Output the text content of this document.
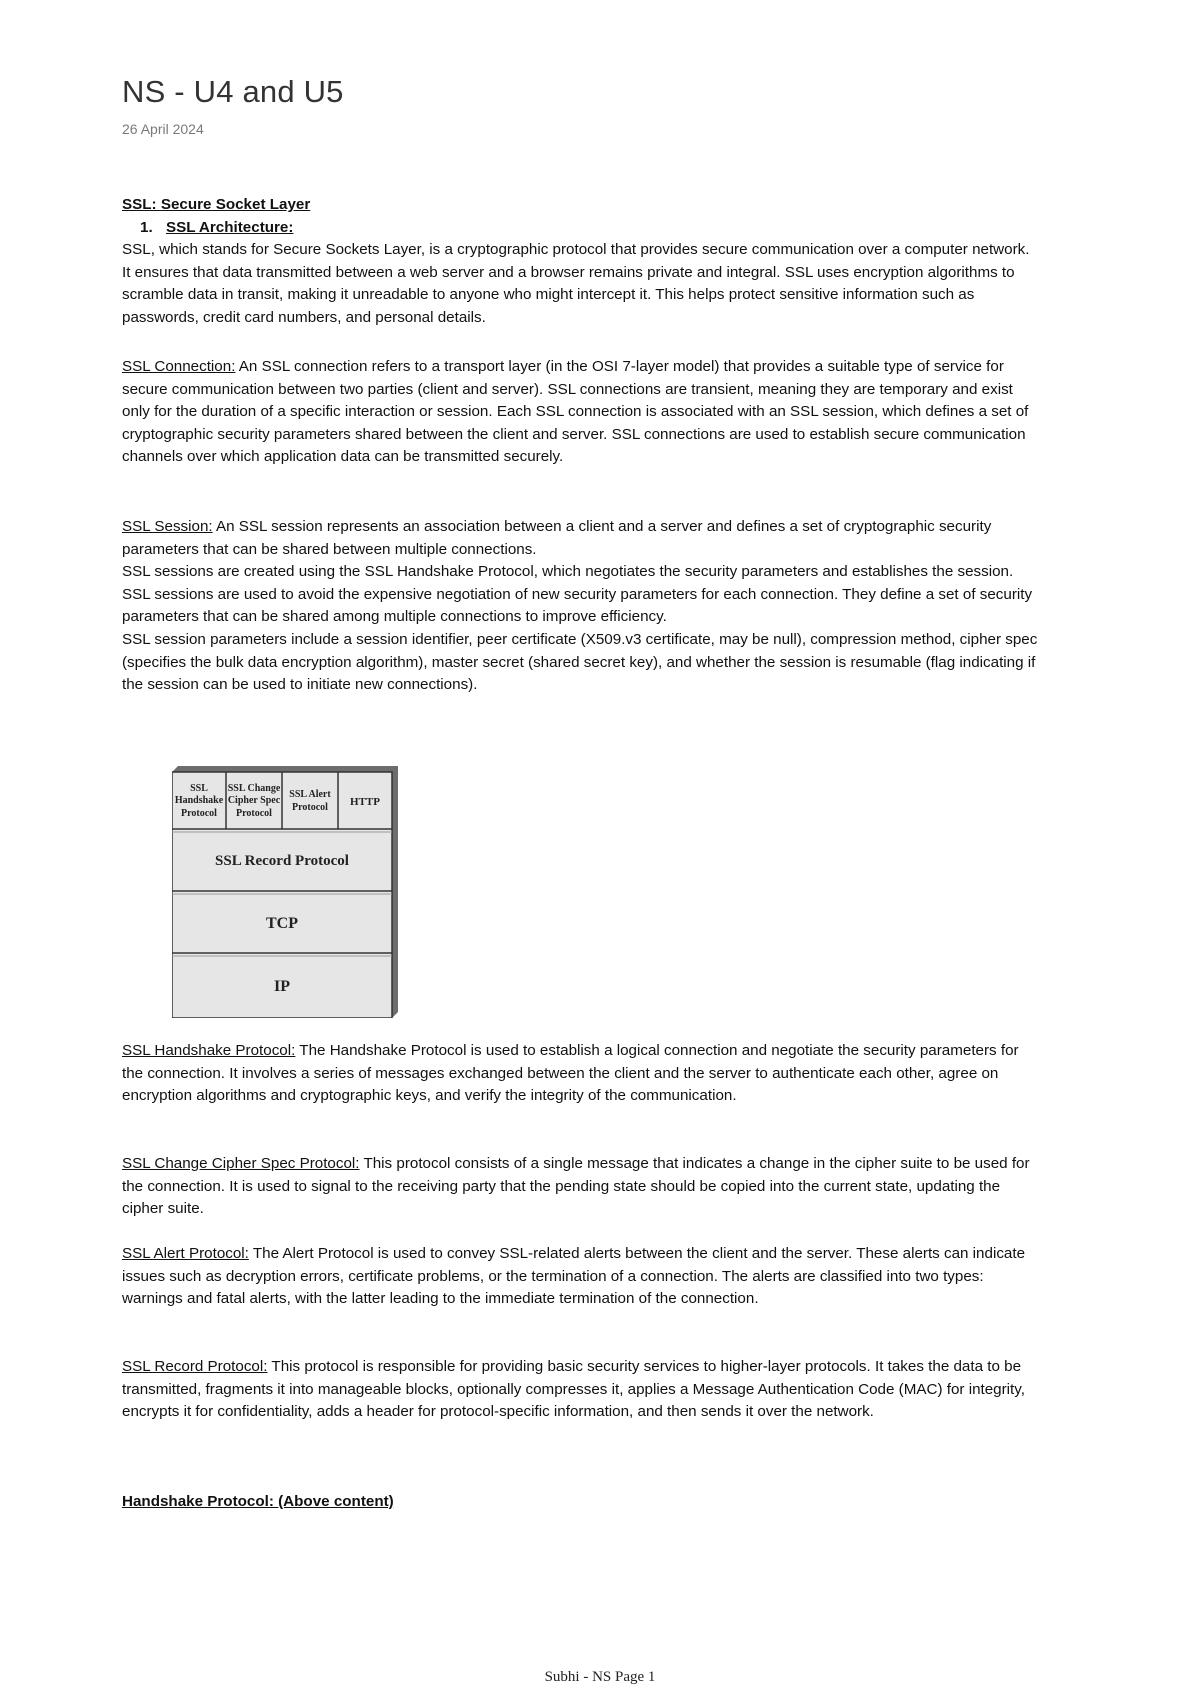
NS - U4 and U5
26 April 2024

SSL: Secure Socket Layer

1. SSL Architecture:

SSL, which stands for Secure Sockets Layer, is a cryptographic protocol that provides secure communication over a computer network. It ensures that data transmitted between a web server and a browser remains private and integral. SSL uses encryption algorithms to scramble data in transit, making it unreadable to anyone who might intercept it. This helps protect sensitive information such as passwords, credit card numbers, and personal details.

SSL Connection: An SSL connection refers to a transport layer (in the OSI 7-layer model) that provides a suitable type of service for secure communication between two parties (client and server). SSL connections are transient, meaning they are temporary and exist only for the duration of a specific interaction or session. Each SSL connection is associated with an SSL session, which defines a set of cryptographic security parameters shared between the client and server. SSL connections are used to establish secure communication channels over which application data can be transmitted securely.

SSL Session: An SSL session represents an association between a client and a server and defines a set of cryptographic security parameters that can be shared between multiple connections.

SSL sessions are created using the SSL Handshake Protocol, which negotiates the security parameters and establishes the session.

SSL sessions are used to avoid the expensive negotiation of new security parameters for each connection. They define a set of security parameters that can be shared among multiple connections to improve efficiency.

SSL session parameters include a session identifier, peer certificate (X509.v3 certificate, may be null), compression method, cipher spec (specifies the bulk data encryption algorithm), master secret (shared secret key), and whether the session is resumable (flag indicating if the session can be used to initiate new connections).

SSL
Handshake
Protocol
SSL Change
Cipher Spec
Protocol
SSL Alert
Protocol HTTP
SSL Record Protocol
TCP
IP

SSL Handshake Protocol: The Handshake Protocol is used to establish a logical connection and negotiate the security parameters for the connection. It involves a series of messages exchanged between the client and the server to authenticate each other, agree on encryption algorithms and cryptographic keys, and verify the integrity of the communication.

SSL Change Cipher Spec Protocol: This protocol consists of a single message that indicates a change in the cipher suite to be used for the connection. It is used to signal to the receiving party that the pending state should be copied into the current state, updating the cipher suite.

SSL Alert Protocol: The Alert Protocol is used to convey SSL-related alerts between the client and the server. These alerts can indicate issues such as decryption errors, certificate problems, or the termination of a connection. The alerts are classified into two types: warnings and fatal alerts, with the latter leading to the immediate termination of the connection.

SSL Record Protocol: This protocol is responsible for providing basic security services to higher-layer protocols. It takes the data to be transmitted, fragments it into manageable blocks, optionally compresses it, applies a Message Authentication Code (MAC) for integrity, encrypts it for confidentiality, adds a header for protocol-specific information, and then sends it over the network.

Handshake Protocol: (Above content)

Subhi - NS Page 1
